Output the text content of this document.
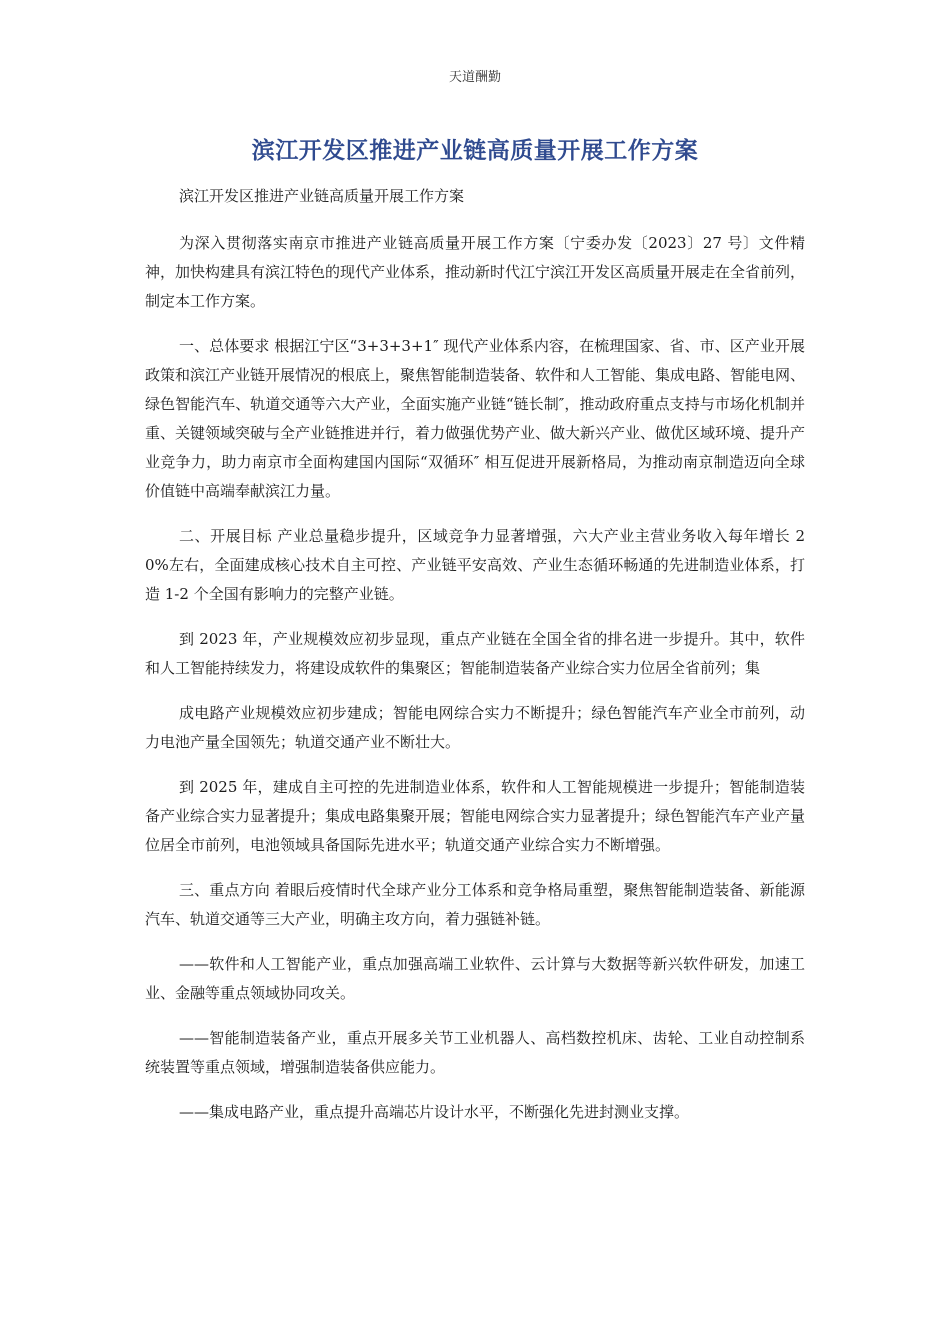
天道酬勤
滨江开发区推进产业链高质量开展工作方案

滨江开发区推进产业链高质量开展工作方案

为深入贯彻落实南京市推进产业链高质量开展工作方案〔宁委办发〔2023〕27 号〕文件精神，加快构建具有滨江特色的现代产业体系，推动新时代江宁滨江开发区高质量开展走在全省前列，制定本工作方案。

一、总体要求 根据江宁区“3+3+3+1″ 现代产业体系内容，在梳理国家、省、市、区产业开展政策和滨江产业链开展情况的根底上，聚焦智能制造装备、软件和人工智能、集成电路、智能电网、绿色智能汽车、轨道交通等六大产业，全面实施产业链“链长制″，推动政府重点支持与市场化机制并重、关键领域突破与全产业链推进并行，着力做强优势产业、做大新兴产业、做优区域环境、提升产业竞争力，助力南京市全面构建国内国际“双循环″ 相互促进开展新格局，为推动南京制造迈向全球价值链中高端奉献滨江力量。

二、开展目标 产业总量稳步提升，区域竞争力显著增强，六大产业主营业务收入每年增长 20%左右，全面建成核心技术自主可控、产业链平安高效、产业生态循环畅通的先进制造业体系，打造 1-2 个全国有影响力的完整产业链。

到 2023 年，产业规模效应初步显现，重点产业链在全国全省的排名进一步提升。其中，软件和人工智能持续发力，将建设成软件的集聚区；智能制造装备产业综合实力位居全省前列；集

成电路产业规模效应初步建成；智能电网综合实力不断提升；绿色智能汽车产业全市前列，动力电池产量全国领先；轨道交通产业不断壮大。

到 2025 年，建成自主可控的先进制造业体系，软件和人工智能规模进一步提升；智能制造装备产业综合实力显著提升；集成电路集聚开展；智能电网综合实力显著提升；绿色智能汽车产业产量位居全市前列，电池领域具备国际先进水平；轨道交通产业综合实力不断增强。

三、重点方向 着眼后疫情时代全球产业分工体系和竞争格局重塑，聚焦智能制造装备、新能源汽车、轨道交通等三大产业，明确主攻方向，着力强链补链。

——软件和人工智能产业，重点加强高端工业软件、云计算与大数据等新兴软件研发，加速工业、金融等重点领域协同攻关。

——智能制造装备产业，重点开展多关节工业机器人、高档数控机床、齿轮、工业自动控制系统装置等重点领域，增强制造装备供应能力。

——集成电路产业，重点提升高端芯片设计水平，不断强化先进封测业支撑。
